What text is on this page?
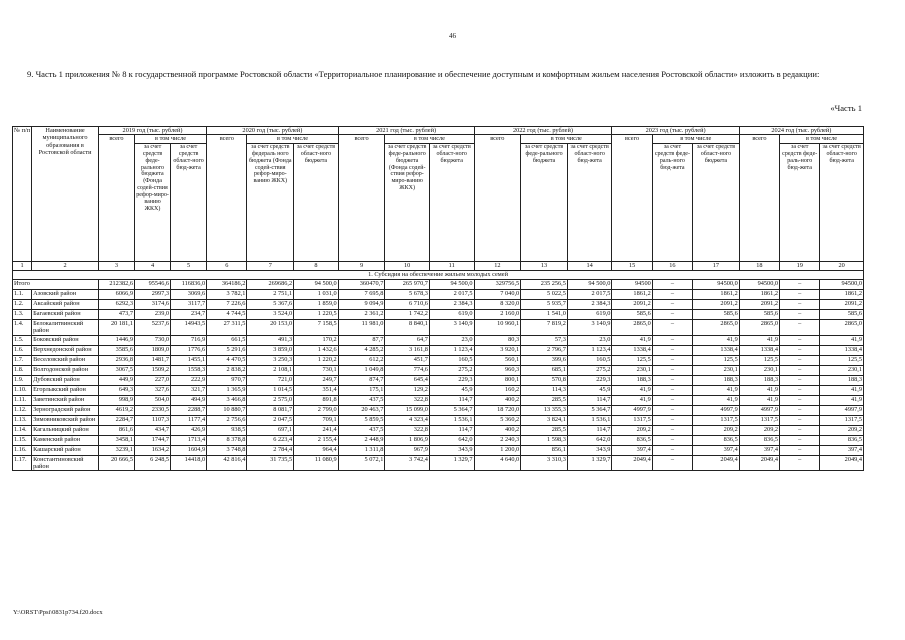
46
9. Часть 1 приложения № 8 к государственной программе Ростовской области «Территориальное планирование и обеспечение доступным и комфортным жильем населения Ростовской области» изложить в редакции:
«Часть 1
№ п/п	Наименование муниципального образования в Ростовской области	2019 год (тыс. рублей)			2020 год (тыс. рублей)			2021 год (тыс. рублей)			2022 год (тыс. рублей)			2023 год (тыс. рублей)			2024 год (тыс. рублей)		
		всего	в том числе		всего	в том числе		всего	в том числе		всего	в том числе		всего	в том числе		всего	в том числе	
			за счет средств феде-рального бюджета (Фонда содей-ствия рефор-миро-ванию ЖКХ)	за счет средств област-ного бюд-жета		за счет средств федераль ного бюджета (Фонда содей-ствия рефор-миро-ванию ЖКХ)	за счет средств област-ного бюджета		за счет средств феде-рального бюджета (Фонда содей-ствия рефор-миро-ванию ЖКХ)	за счет средств област-ного бюджета		за счет средств феде-рального бюджета	за счет средств област-ного бюд-жета		за счет средств феде-раль-ного бюд-жета	за счет средств област-ного бюджета		за счет средств феде-раль-ного бюд-жета	за счет средств област-ного бюд-жета
1	2	3	4	5	6	7	8	9	10	11	12	13	14	15	16	17	18	19	20
1. Субсидия на обеспечение жильем молодых семей																			
Итого		212382,6	95546,6	116836,0	364186,2	269686,2	94 500,0	360470,7	265 970,7	94 500,0	329756,5	235 256,5	94 500,0	94500	–	94500,0	94500,0	–	94500,0
1.1.	Азовский район	6066,9	2997,3	3069,6	3 782,1	2 751,1	1 031,0	7 695,8	5 678,3	2 017,5	7 040,0	5 022,5	2 017,5	1861,2	–	1861,2	1861,2	–	1861,2
1.2.	Аксайский район	6292,3	3174,6	3117,7	7 226,6	5 367,6	1 859,0	9 094,9	6 710,6	2 384,3	8 320,0	5 935,7	2 384,3	2091,2	–	2091,2	2091,2	–	2091,2
1.3.	Багаевский район	473,7	239,0	234,7	4 744,5	3 524,0	1 220,5	2 361,2	1 742,2	619,0	2 160,0	1 541,0	619,0	585,6	–	585,6	585,6	–	585,6
1.4.	Белокалитвинский район	20 181,1	5237,6	14943,5	27 311,5	20 153,0	7 158,5	11 981,0	8 840,1	3 140,9	10 960,1	7 819,2	3 140,9	2865,0	–	2865,0	2865,0	–	2865,0
1.5.	Боковский район	1446,9	730,0	716,9	661,5	491,3	170,2	87,7	64,7	23,0	80,3	57,3	23,0	41,9	–	41,9	41,9	–	41,9
1.6.	Верхнедонской район	3585,6	1809,0	1776,6	5 291,6	3 859,0	1 432,6	4 285,2	3 161,8	1 123,4	3 920,1	2 796,7	1 123,4	1338,4	–	1338,4	1338,4	–	1338,4
1.7.	Веселовский район	2936,8	1481,7	1455,1	4 470,5	3 250,3	1 220,2	612,2	451,7	160,5	560,1	399,6	160,5	125,5	–	125,5	125,5	–	125,5
1.8.	Волгодонской район	3067,5	1509,2	1558,3	2 838,2	2 108,1	730,1	1 049,8	774,6	275,2	960,3	685,1	275,2	230,1	–	230,1	230,1	–	230,1
1.9.	Дубовский район	449,9	227,0	222,9	970,7	721,0	249,7	874,7	645,4	229,3	800,1	570,8	229,3	188,3	–	188,3	188,3	–	188,3
1.10.	Егорлыкский район	649,3	327,6	321,7	1 365,9	1 014,5	351,4	175,1	129,2	45,9	160,2	114,3	45,9	41,9	–	41,9	41,9	–	41,9
1.11.	Заветинский район	998,9	504,0	494,9	3 466,8	2 575,0	891,8	437,5	322,8	114,7	400,2	285,5	114,7	41,9	–	41,9	41,9	–	41,9
1.12.	Зерноградский район	4619,2	2330,5	2288,7	10 880,7	8 081,7	2 799,0	20 463,7	15 099,0	5 364,7	18 720,0	13 355,3	5 364,7	4997,9	–	4997,9	4997,9	–	4997,9
1.13.	Зимовниковский район	2284,7	1107,3	1177,4	2 756,6	2 047,5	709,1	5 859,5	4 323,4	1 536,1	5 360,2	3 824,1	1 536,1	1317,5	–	1317,5	1317,5	–	1317,5
1.14.	Кагальницкий район	861,6	434,7	426,9	938,5	697,1	241,4	437,5	322,8	114,7	400,2	285,5	114,7	209,2	–	209,2	209,2	–	209,2
1.15.	Каменский район	3458,1	1744,7	1713,4	8 378,8	6 223,4	2 155,4	2 448,9	1 806,9	642,0	2 240,3	1 598,3	642,0	836,5	–	836,5	836,5	–	836,5
1.16.	Кашарский район	3239,1	1634,2	1604,9	3 748,8	2 784,4	964,4	1 311,8	967,9	343,9	1 200,0	856,1	343,9	397,4	–	397,4	397,4	–	397,4
1.17.	Константиновский район	20 666,5	6 248,5	14418,0	42 816,4	31 735,5	11 080,9	5 072,1	3 742,4	1 329,7	4 640,0	3 310,3	1 329,7	2049,4	–	2049,4	2049,4	–	2049,4
Y:\ORST\Ppsi\0831p734.f20.docx
